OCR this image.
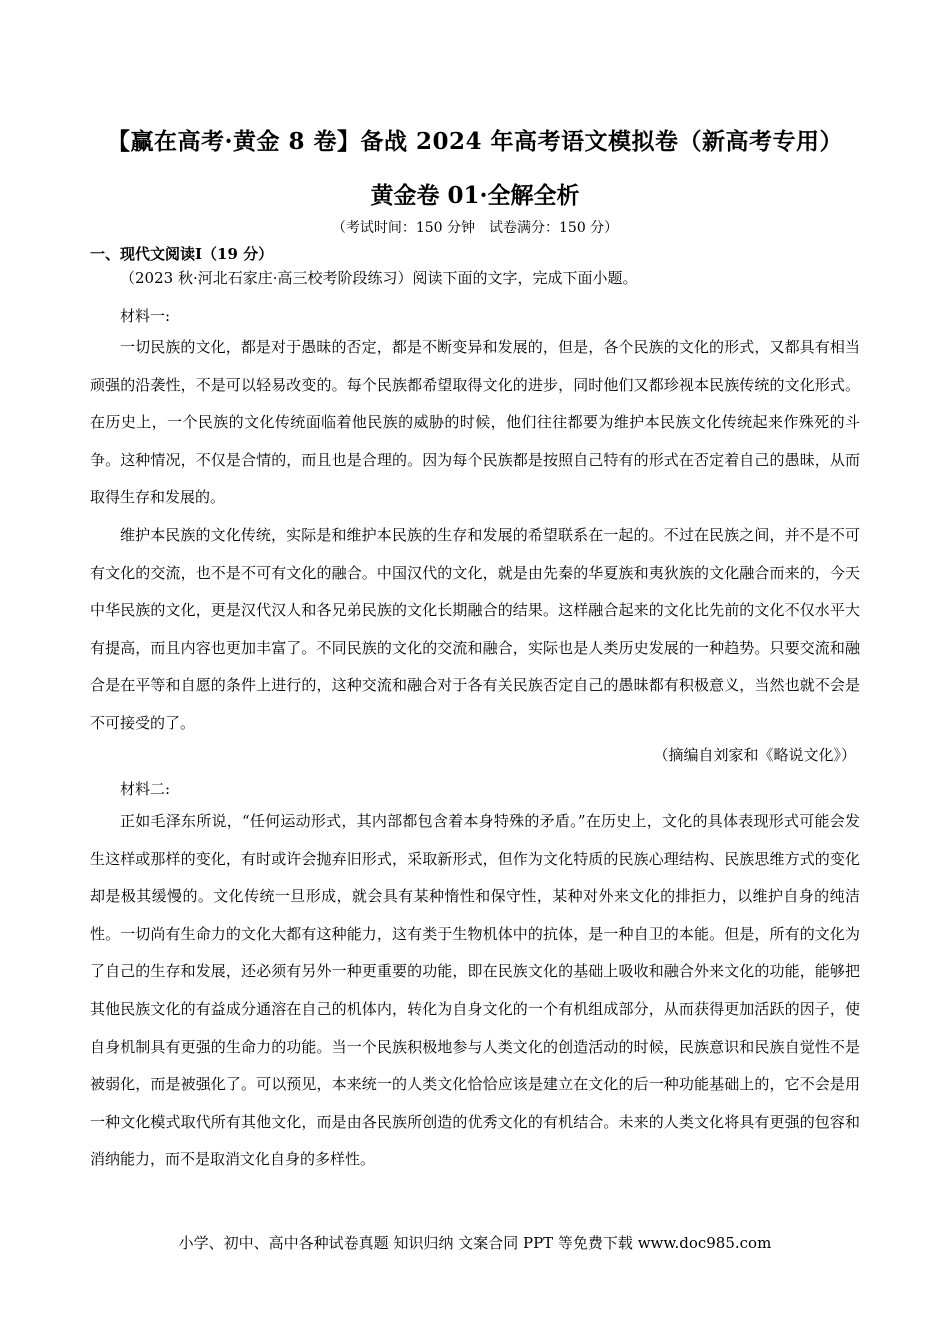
【赢在高考·黄金 8 卷】备战 2024 年高考语文模拟卷（新高考专用）
黄金卷 01·全解全析
（考试时间：150 分钟　试卷满分：150 分）
一、现代文阅读Ⅰ（19 分）
（2023 秋·河北石家庄·高三校考阶段练习）阅读下面的文字，完成下面小题。
材料一:

一切民族的文化，都是对于愚昧的否定，都是不断变异和发展的，但是，各个民族的文化的形式，又都具有相当顽强的沿袭性，不是可以轻易改变的。每个民族都希望取得文化的进步，同时他们又都珍视本民族传统的文化形式。在历史上，一个民族的文化传统面临着他民族的威胁的时候，他们往往都要为维护本民族文化传统起来作殊死的斗争。这种情况，不仅是合情的，而且也是合理的。因为每个民族都是按照自己特有的形式在否定着自己的愚昧，从而取得生存和发展的。

维护本民族的文化传统，实际是和维护本民族的生存和发展的希望联系在一起的。不过在民族之间，并不是不可有文化的交流，也不是不可有文化的融合。中国汉代的文化，就是由先秦的华夏族和夷狄族的文化融合而来的，今天中华民族的文化，更是汉代汉人和各兄弟民族的文化长期融合的结果。这样融合起来的文化比先前的文化不仅水平大有提高，而且内容也更加丰富了。不同民族的文化的交流和融合，实际也是人类历史发展的一种趋势。只要交流和融合是在平等和自愿的条件上进行的，这种交流和融合对于各有关民族否定自己的愚昧都有积极意义，当然也就不会是不可接受的了。

（摘编自刘家和《略说文化》）
材料二:

正如毛泽东所说，“任何运动形式，其内部都包含着本身特殊的矛盾。”在历史上，文化的具体表现形式可能会发生这样或那样的变化，有时或许会抛弃旧形式，采取新形式，但作为文化特质的民族心理结构、民族思维方式的变化却是极其缓慢的。文化传统一旦形成，就会具有某种惰性和保守性，某种对外来文化的排拒力，以维护自身的纯洁性。一切尚有生命力的文化大都有这种能力，这有类于生物机体中的抗体，是一种自卫的本能。但是，所有的文化为了自己的生存和发展，还必须有另外一种更重要的功能，即在民族文化的基础上吸收和融合外来文化的功能，能够把其他民族文化的有益成分通溶在自己的机体内，转化为自身文化的一个有机组成部分，从而获得更加活跃的因子，使自身机制具有更强的生命力的功能。当一个民族积极地参与人类文化的创造活动的时候，民族意识和民族自觉性不是被弱化，而是被强化了。可以预见，本来统一的人类文化恰恰应该是建立在文化的后一种功能基础上的，它不会是用一种文化模式取代所有其他文化，而是由各民族所创造的优秀文化的有机结合。未来的人类文化将具有更强的包容和消纳能力，而不是取消文化自身的多样性。

小学、初中、高中各种试卷真题 知识归纳 文案合同 PPT 等免费下载 www.doc985.com
